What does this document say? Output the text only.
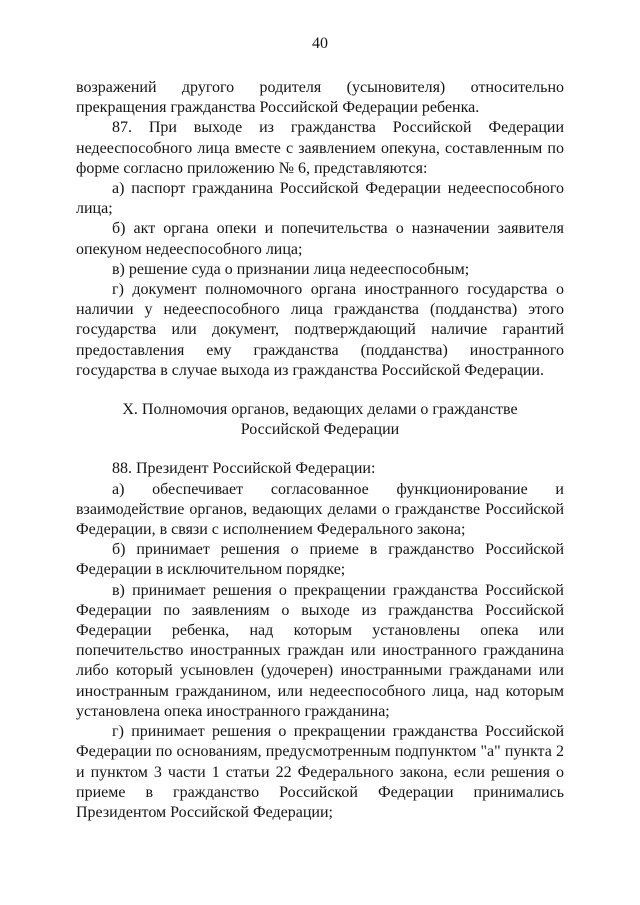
40

возражений другого родителя (усыновителя) относительно прекращения гражданства Российской Федерации ребенка.

87. При выходе из гражданства Российской Федерации недееспособного лица вместе с заявлением опекуна, составленным по форме согласно приложению № 6, представляются:

а) паспорт гражданина Российской Федерации недееспособного лица;

б) акт органа опеки и попечительства о назначении заявителя опекуном недееспособного лица;

в) решение суда о признании лица недееспособным;

г) документ полномочного органа иностранного государства о наличии у недееспособного лица гражданства (подданства) этого государства или документ, подтверждающий наличие гарантий предоставления ему гражданства (подданства) иностранного государства в случае выхода из гражданства Российской Федерации.

X. Полномочия органов, ведающих делами о гражданстве
Российской Федерации

88. Президент Российской Федерации:

а) обеспечивает согласованное функционирование и взаимодействие органов, ведающих делами о гражданстве Российской Федерации, в связи с исполнением Федерального закона;

б) принимает решения о приеме в гражданство Российской Федерации в исключительном порядке;

в) принимает решения о прекращении гражданства Российской Федерации по заявлениям о выходе из гражданства Российской Федерации ребенка, над которым установлены опека или попечительство иностранных граждан или иностранного гражданина либо который усыновлен (удочерен) иностранными гражданами или иностранным гражданином, или недееспособного лица, над которым установлена опека иностранного гражданина;

г) принимает решения о прекращении гражданства Российской Федерации по основаниям, предусмотренным подпунктом "а" пункта 2 и пунктом 3 части 1 статьи 22 Федерального закона, если решения о приеме в гражданство Российской Федерации принимались Президентом Российской Федерации;
